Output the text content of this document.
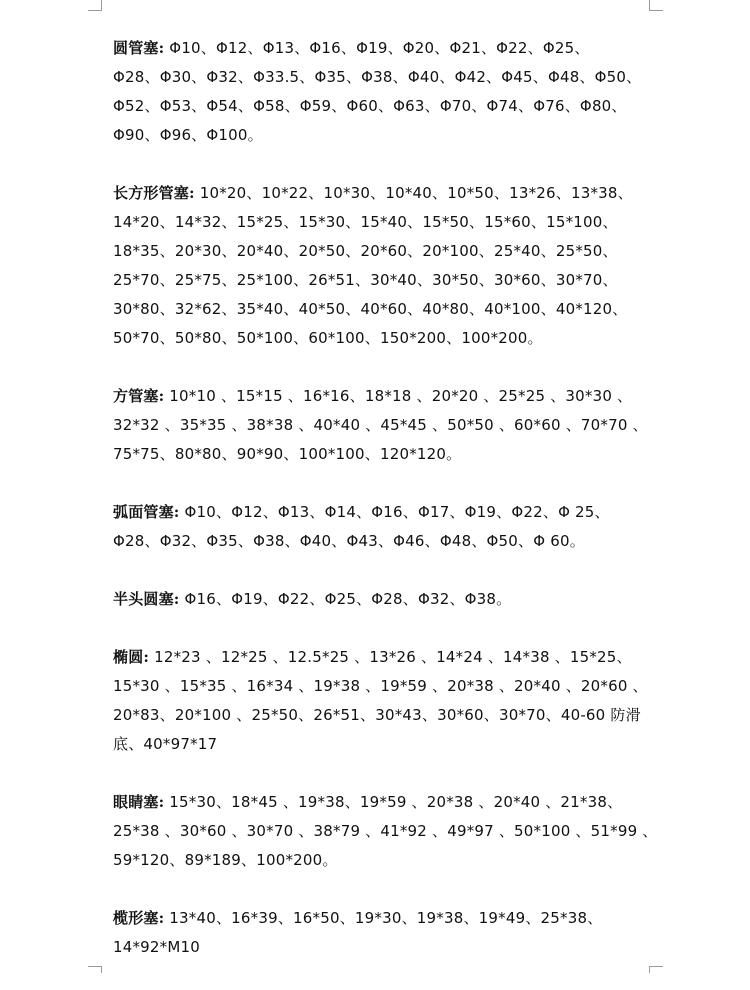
圆管塞: Φ10、Φ12、Φ13、Φ16、Φ19、Φ20、Φ21、Φ22、Φ25、
Φ28、Φ30、Φ32、Φ33.5、Φ35、Φ38、Φ40、Φ42、Φ45、Φ48、Φ50、
Φ52、Φ53、Φ54、Φ58、Φ59、Φ60、Φ63、Φ70、Φ74、Φ76、Φ80、
Φ90、Φ96、Φ100。
长方形管塞: 10*20、10*22、10*30、10*40、10*50、13*26、13*38、
14*20、14*32、15*25、15*30、15*40、15*50、15*60、15*100、
18*35、20*30、20*40、20*50、20*60、20*100、25*40、25*50、
25*70、25*75、25*100、26*51、30*40、30*50、30*60、30*70、
30*80、32*62、35*40、40*50、40*60、40*80、40*100、40*120、
50*70、50*80、50*100、60*100、150*200、100*200。
方管塞: 10*10 、15*15 、16*16、18*18 、20*20 、25*25 、30*30 、
32*32 、35*35 、38*38 、40*40 、45*45 、50*50 、60*60 、70*70 、
75*75、80*80、90*90、100*100、120*120。
弧面管塞: Φ10、Φ12、Φ13、Φ14、Φ16、Φ17、Φ19、Φ22、Φ 25、
Φ28、Φ32、Φ35、Φ38、Φ40、Φ43、Φ46、Φ48、Φ50、Φ 60。
半头圆塞: Φ16、Φ19、Φ22、Φ25、Φ28、Φ32、Φ38。
椭圆: 12*23 、12*25 、12.5*25 、13*26 、14*24 、14*38 、15*25、
15*30 、15*35 、16*34 、19*38 、19*59 、20*38 、20*40 、20*60 、
20*83、20*100 、25*50、26*51、30*43、30*60、30*70、40-60 防滑
底、40*97*17
眼睛塞: 15*30、18*45 、19*38、19*59 、20*38 、20*40 、21*38、
25*38 、30*60 、30*70 、38*79 、41*92 、49*97 、50*100 、51*99 、
59*120、89*189、100*200。
榄形塞: 13*40、16*39、16*50、19*30、19*38、19*49、25*38、
14*92*M10
